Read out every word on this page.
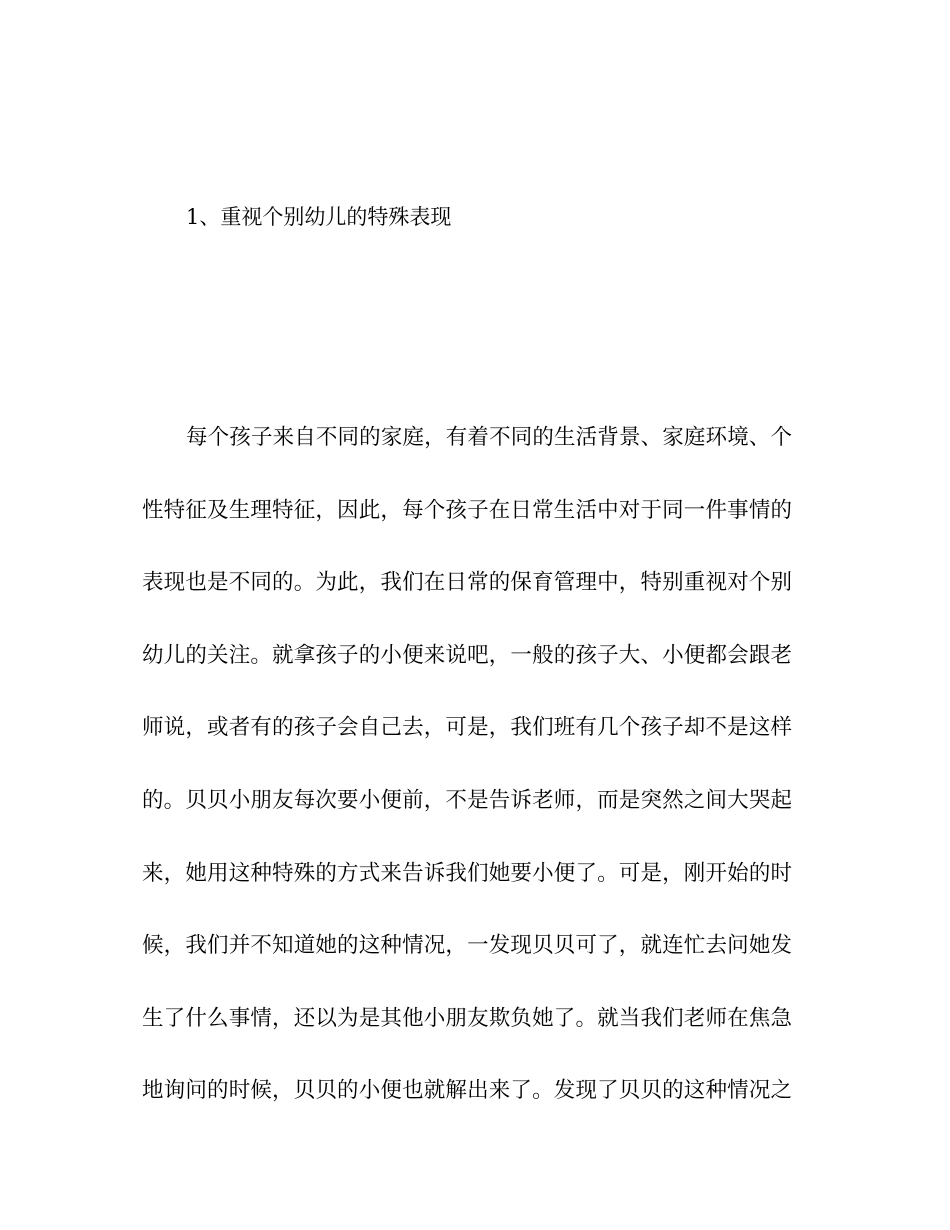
1、重视个别幼儿的特殊表现
每个孩子来自不同的家庭，有着不同的生活背景、家庭环境、个
性特征及生理特征，因此，每个孩子在日常生活中对于同一件事情的
表现也是不同的。为此，我们在日常的保育管理中，特别重视对个别
幼儿的关注。就拿孩子的小便来说吧，一般的孩子大、小便都会跟老
师说，或者有的孩子会自己去，可是，我们班有几个孩子却不是这样
的。贝贝小朋友每次要小便前，不是告诉老师，而是突然之间大哭起
来，她用这种特殊的方式来告诉我们她要小便了。可是，刚开始的时
候，我们并不知道她的这种情况，一发现贝贝可了，就连忙去问她发
生了什么事情，还以为是其他小朋友欺负她了。就当我们老师在焦急
地询问的时候，贝贝的小便也就解出来了。发现了贝贝的这种情况之
